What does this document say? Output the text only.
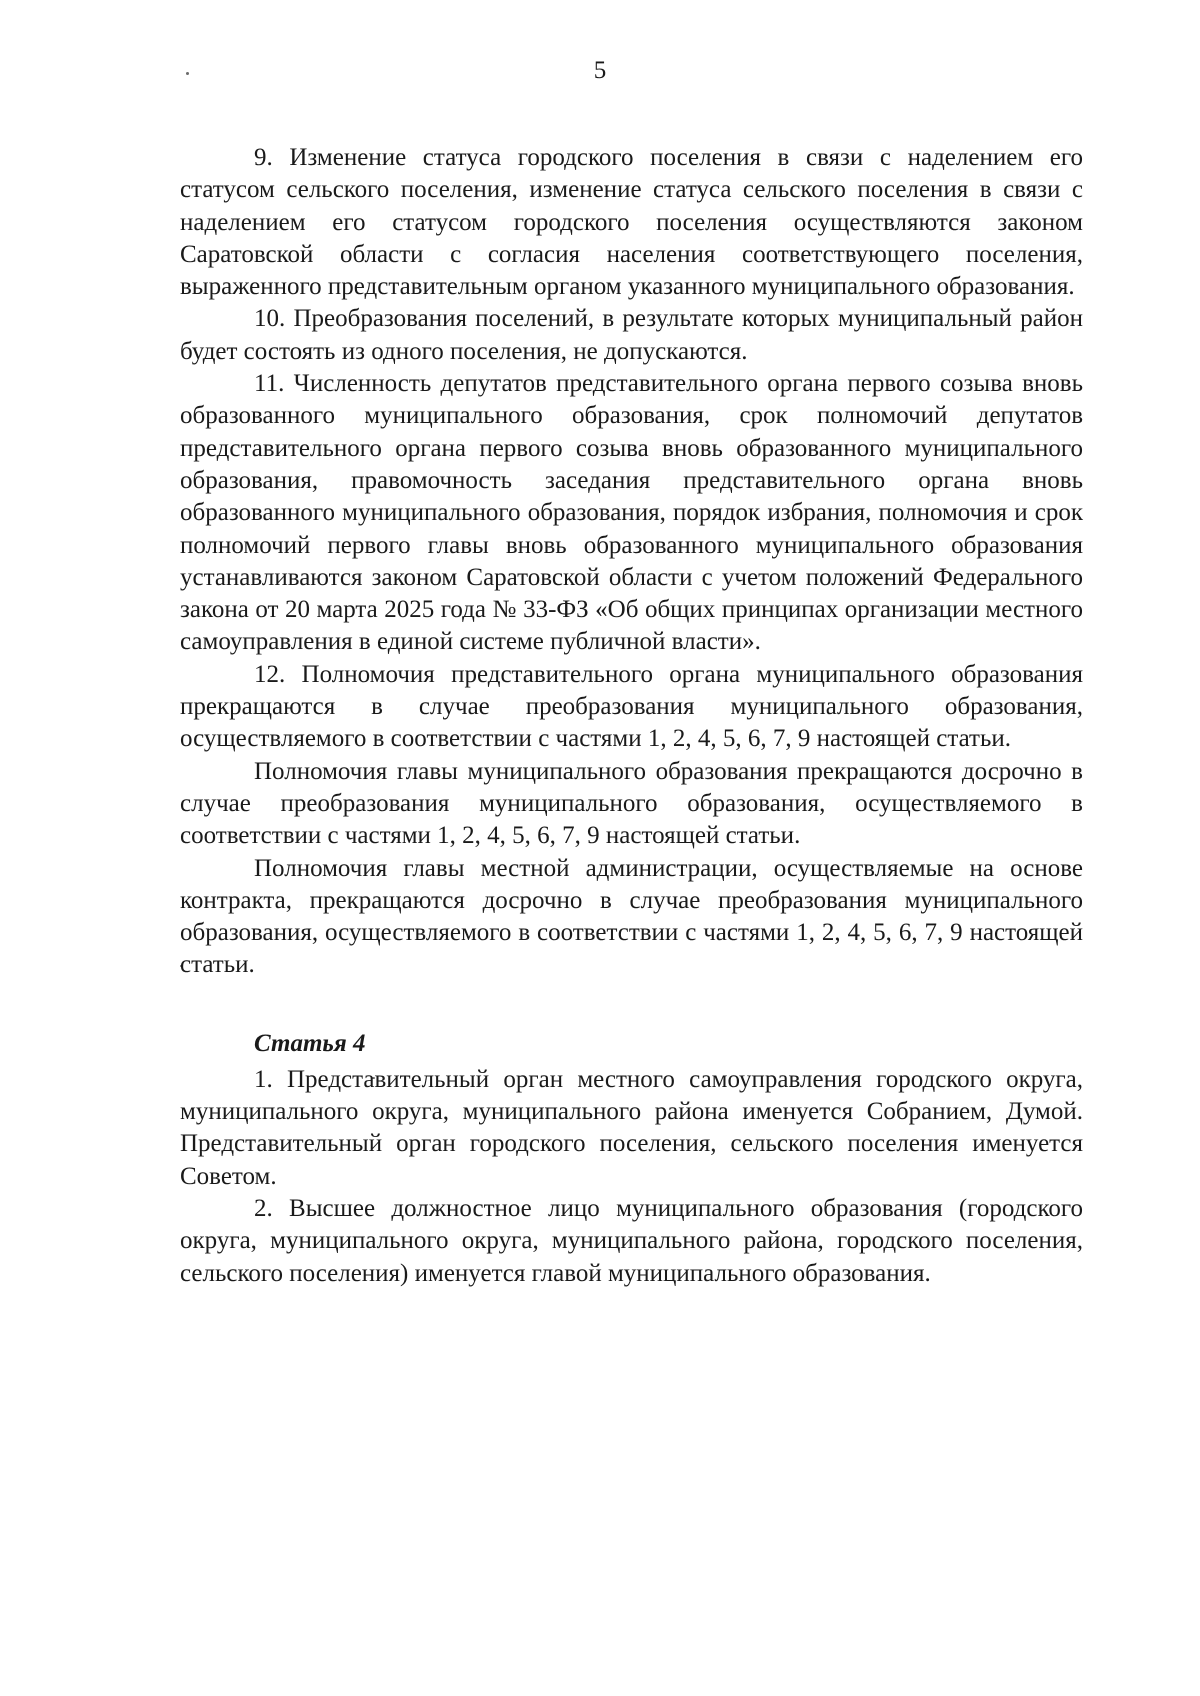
5

9. Изменение статуса городского поселения в связи с наделением его статусом сельского поселения, изменение статуса сельского поселения в связи с наделением его статусом городского поселения осуществляются законом Саратовской области с согласия населения соответствующего поселения, выраженного представительным органом указанного муниципального образования.

10. Преобразования поселений, в результате которых муниципальный район будет состоять из одного поселения, не допускаются.

11. Численность депутатов представительного органа первого созыва вновь образованного муниципального образования, срок полномочий депутатов представительного органа первого созыва вновь образованного муниципального образования, правомочность заседания представительного органа вновь образованного муниципального образования, порядок избрания, полномочия и срок полномочий первого главы вновь образованного муниципального образования устанавливаются законом Саратовской области с учетом положений Федерального закона от 20 марта 2025 года № 33-ФЗ «Об общих принципах организации местного самоуправления в единой системе публичной власти».

12. Полномочия представительного органа муниципального образования прекращаются в случае преобразования муниципального образования, осуществляемого в соответствии с частями 1, 2, 4, 5, 6, 7, 9 настоящей статьи.

Полномочия главы муниципального образования прекращаются досрочно в случае преобразования муниципального образования, осуществляемого в соответствии с частями 1, 2, 4, 5, 6, 7, 9 настоящей статьи.

Полномочия главы местной администрации, осуществляемые на основе контракта, прекращаются досрочно в случае преобразования муниципального образования, осуществляемого в соответствии с частями 1, 2, 4, 5, 6, 7, 9 настоящей статьи.

Статья 4

1. Представительный орган местного самоуправления городского округа, муниципального округа, муниципального района именуется Собранием, Думой. Представительный орган городского поселения, сельского поселения именуется Советом.

2. Высшее должностное лицо муниципального образования (городского округа, муниципального округа, муниципального района, городского поселения, сельского поселения) именуется главой муниципального образования.
